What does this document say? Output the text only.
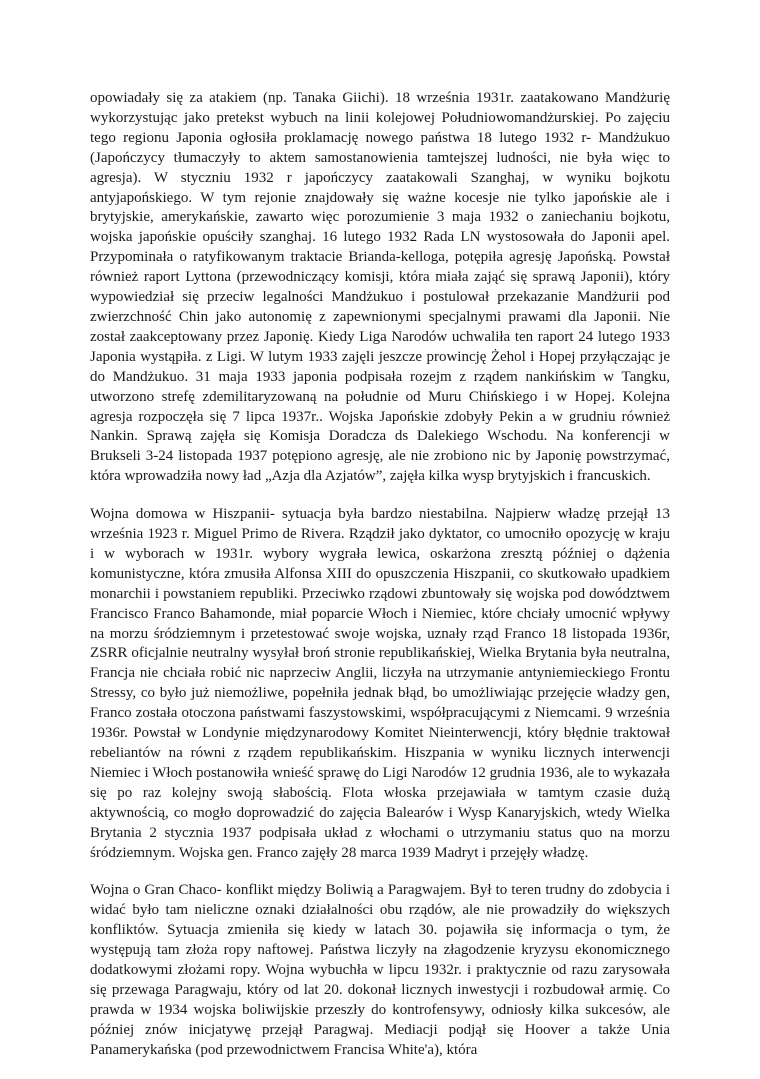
opowiadały się za atakiem (np. Tanaka Giichi). 18 września 1931r. zaatakowano Mandżurię wykorzystując jako pretekst wybuch na linii kolejowej Południowomandżurskiej. Po zajęciu tego regionu Japonia ogłosiła proklamację nowego państwa 18 lutego 1932 r- Mandżukuo (Japończycy tłumaczyły to aktem samostanowienia tamtejszej ludności, nie była więc to agresja). W styczniu 1932 r japończycy zaatakowali Szanghaj, w wyniku bojkotu antyjapońskiego. W tym rejonie znajdowały się ważne kocesje nie tylko japońskie ale i brytyjskie, amerykańskie, zawarto więc porozumienie 3 maja 1932 o zaniechaniu bojkotu, wojska japońskie opuściły szanghaj. 16 lutego 1932 Rada LN wystosowała do Japonii apel. Przypominała o ratyfikowanym traktacie Brianda-kelloga, potępiła agresję Japońską. Powstał również raport Lyttona (przewodniczący komisji, która miała zająć się sprawą Japonii), który wypowiedział się przeciw legalności Mandżukuo i postulował przekazanie Mandżurii pod zwierzchność Chin jako autonomię z zapewnionymi specjalnymi prawami dla Japonii. Nie został zaakceptowany przez Japonię. Kiedy Liga Narodów uchwaliła ten raport 24 lutego 1933 Japonia wystąpiła. z Ligi. W lutym 1933 zajęli jeszcze prowincję Żehol i Hopej przyłączając je do Mandżukuo. 31 maja 1933 japonia podpisała rozejm z rządem nankińskim w Tangku, utworzono strefę zdemilitaryzowaną na południe od Muru Chińskiego i w Hopej. Kolejna agresja rozpoczęła się 7 lipca 1937r.. Wojska Japońskie zdobyły Pekin a w grudniu również Nankin. Sprawą zajęła się Komisja Doradcza ds Dalekiego Wschodu. Na konferencji w Brukseli 3-24 listopada 1937 potępiono agresję, ale nie zrobiono nic by Japonię powstrzymać, która wprowadziła nowy ład „Azja dla Azjatów”, zajęła kilka wysp brytyjskich i francuskich.

Wojna domowa w Hiszpanii- sytuacja była bardzo niestabilna. Najpierw władzę przejął 13 września 1923 r. Miguel Primo de Rivera. Rządził jako dyktator, co umocniło opozycję w kraju i w wyborach w 1931r. wybory wygrała lewica, oskarżona zresztą później o dążenia komunistyczne, która zmusiła Alfonsa XIII do opuszczenia Hiszpanii, co skutkowało upadkiem monarchii i powstaniem republiki. Przeciwko rządowi zbuntowały się wojska pod dowództwem Francisco Franco Bahamonde, miał poparcie Włoch i Niemiec, które chciały umocnić wpływy na morzu śródziemnym i przetestować swoje wojska, uznały rząd Franco 18 listopada 1936r, ZSRR oficjalnie neutralny wysyłał broń stronie republikańskiej, Wielka Brytania była neutralna, Francja nie chciała robić nic naprzeciw Anglii, liczyła na utrzymanie antyniemieckiego Frontu Stressy, co było już niemożliwe, popełniła jednak błąd, bo umożliwiając przejęcie władzy gen, Franco została otoczona państwami faszystowskimi, współpracującymi z Niemcami. 9 września 1936r. Powstał w Londynie międzynarodowy Komitet Nieinterwencji, który błędnie traktował rebeliantów na równi z rządem republikańskim. Hiszpania w wyniku licznych interwencji Niemiec i Włoch postanowiła wnieść sprawę do Ligi Narodów 12 grudnia 1936, ale to wykazała się po raz kolejny swoją słabością. Flota włoska przejawiała w tamtym czasie dużą aktywnością, co mogło doprowadzić do zajęcia Balearów i Wysp Kanaryjskich, wtedy Wielka Brytania 2 stycznia 1937 podpisała układ z włochami o utrzymaniu status quo na morzu śródziemnym. Wojska gen. Franco zajęły 28 marca 1939 Madryt i przejęły władzę.

Wojna o Gran Chaco- konflikt między Boliwią a Paragwajem. Był to teren trudny do zdobycia i widać było tam nieliczne oznaki działalności obu rządów, ale nie prowadziły do większych konfliktów. Sytuacja zmieniła się kiedy w latach 30. pojawiła się informacja o tym, że występują tam złoża ropy naftowej. Państwa liczyły na złagodzenie kryzysu ekonomicznego dodatkowymi złożami ropy. Wojna wybuchła w lipcu 1932r. i praktycznie od razu zarysowała się przewaga Paragwaju, który od lat 20. dokonał licznych inwestycji i rozbudował armię. Co prawda w 1934 wojska boliwijskie przeszły do kontrofensywy, odniosły kilka sukcesów, ale później znów inicjatywę przejął Paragwaj. Mediacji podjął się Hoover a także Unia Panamerykańska (pod przewodnictwem Francisa White'a), która
